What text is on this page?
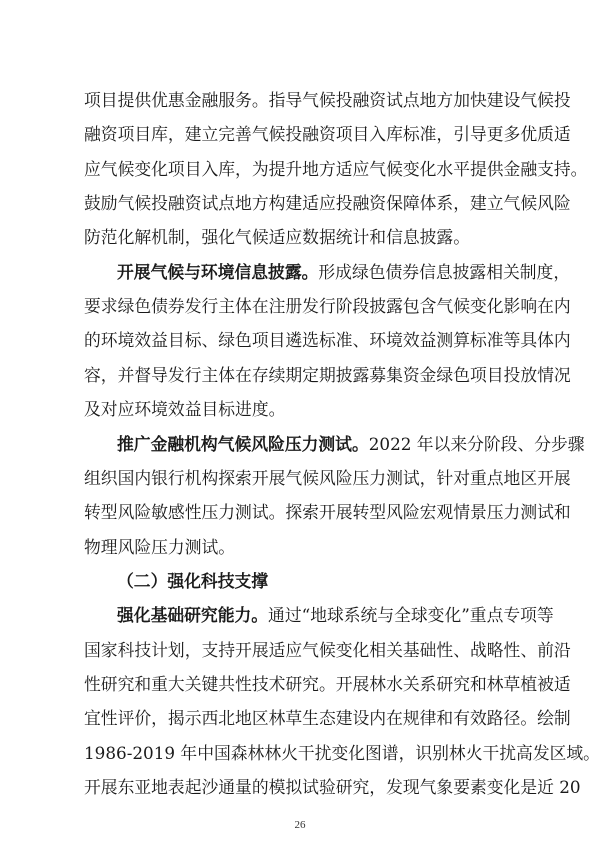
项目提供优惠金融服务。指导气候投融资试点地方加快建设气候投
融资项目库，建立完善气候投融资项目入库标准，引导更多优质适
应气候变化项目入库，为提升地方适应气候变化水平提供金融支持。
鼓励气候投融资试点地方构建适应投融资保障体系，建立气候风险
防范化解机制，强化气候适应数据统计和信息披露。
开展气候与环境信息披露。形成绿色债券信息披露相关制度，
要求绿色债券发行主体在注册发行阶段披露包含气候变化影响在内
的环境效益目标、绿色项目遴选标准、环境效益测算标准等具体内
容，并督导发行主体在存续期定期披露募集资金绿色项目投放情况
及对应环境效益目标进度。
推广金融机构气候风险压力测试。2022 年以来分阶段、分步骤
组织国内银行机构探索开展气候风险压力测试，针对重点地区开展
转型风险敏感性压力测试。探索开展转型风险宏观情景压力测试和
物理风险压力测试。
（二）强化科技支撑
强化基础研究能力。通过“地球系统与全球变化”重点专项等
国家科技计划，支持开展适应气候变化相关基础性、战略性、前沿
性研究和重大关键共性技术研究。开展林水关系研究和林草植被适
宜性评价，揭示西北地区林草生态建设内在规律和有效路径。绘制
1986-2019 年中国森林林火干扰变化图谱，识别林火干扰高发区域。
开展东亚地表起沙通量的模拟试验研究，发现气象要素变化是近 20
26
